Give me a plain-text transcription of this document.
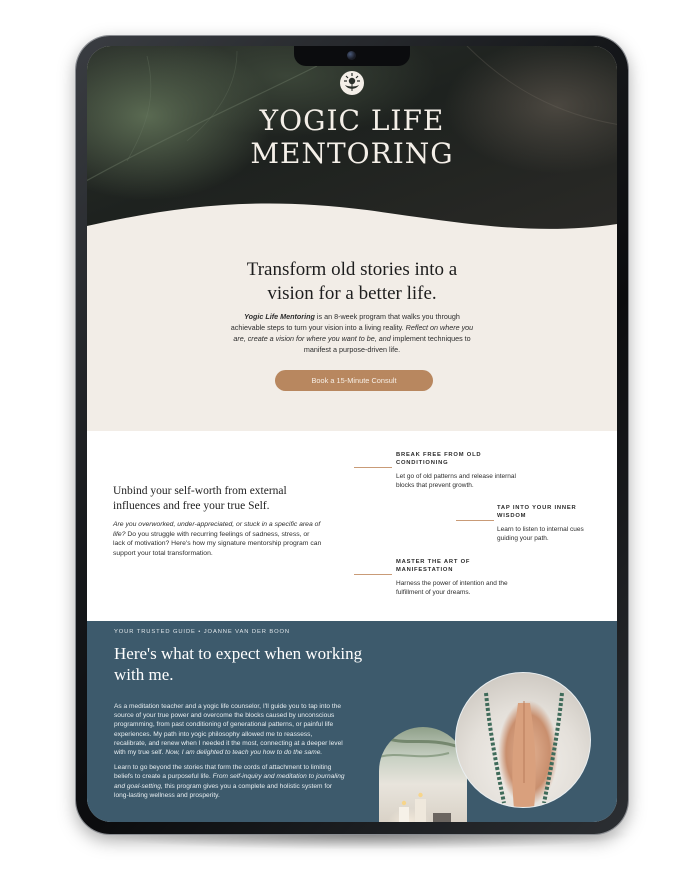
YOGIC LIFE
MENTORING
Transform old stories into a
vision for a better life.

Yogic Life Mentoring is an 8-week program that walks you through achievable steps to turn your vision into a living reality. Reflect on where you are, create a vision for where you want to be, and implement techniques to manifest a purpose-driven life.

Book a 15-Minute Consult
Unbind your self-worth from external influences and free your true Self.

Are you overworked, under-appreciated, or stuck in a specific area of life? Do you struggle with recurring feelings of sadness, stress, or lack of motivation? Here's how my signature mentorship program can support your total transformation.

BREAK FREE FROM OLD CONDITIONING
Let go of old patterns and release internal blocks that prevent growth.
TAP INTO YOUR INNER WISDOM
Learn to listen to internal cues guiding your path.
MASTER THE ART OF MANIFESTATION
Harness the power of intention and the fulfillment of your dreams.
YOUR TRUSTED GUIDE • JOANNE VAN DER BOON
Here's what to expect when working with me.

As a meditation teacher and a yogic life counselor, I'll guide you to tap into the source of your true power and overcome the blocks caused by unconscious programming, from past conditioning of generational patterns, or painful life experiences. My path into yogic philosophy allowed me to reassess, recalibrate, and renew when I needed it the most, connecting at a deeper level with my true self. Now, I am delighted to teach you how to do the same.

Learn to go beyond the stories that form the cords of attachment to limiting beliefs to create a purposeful life. From self-inquiry and meditation to journaling and goal-setting, this program gives you a complete and holistic system for long-lasting wellness and prosperity.
